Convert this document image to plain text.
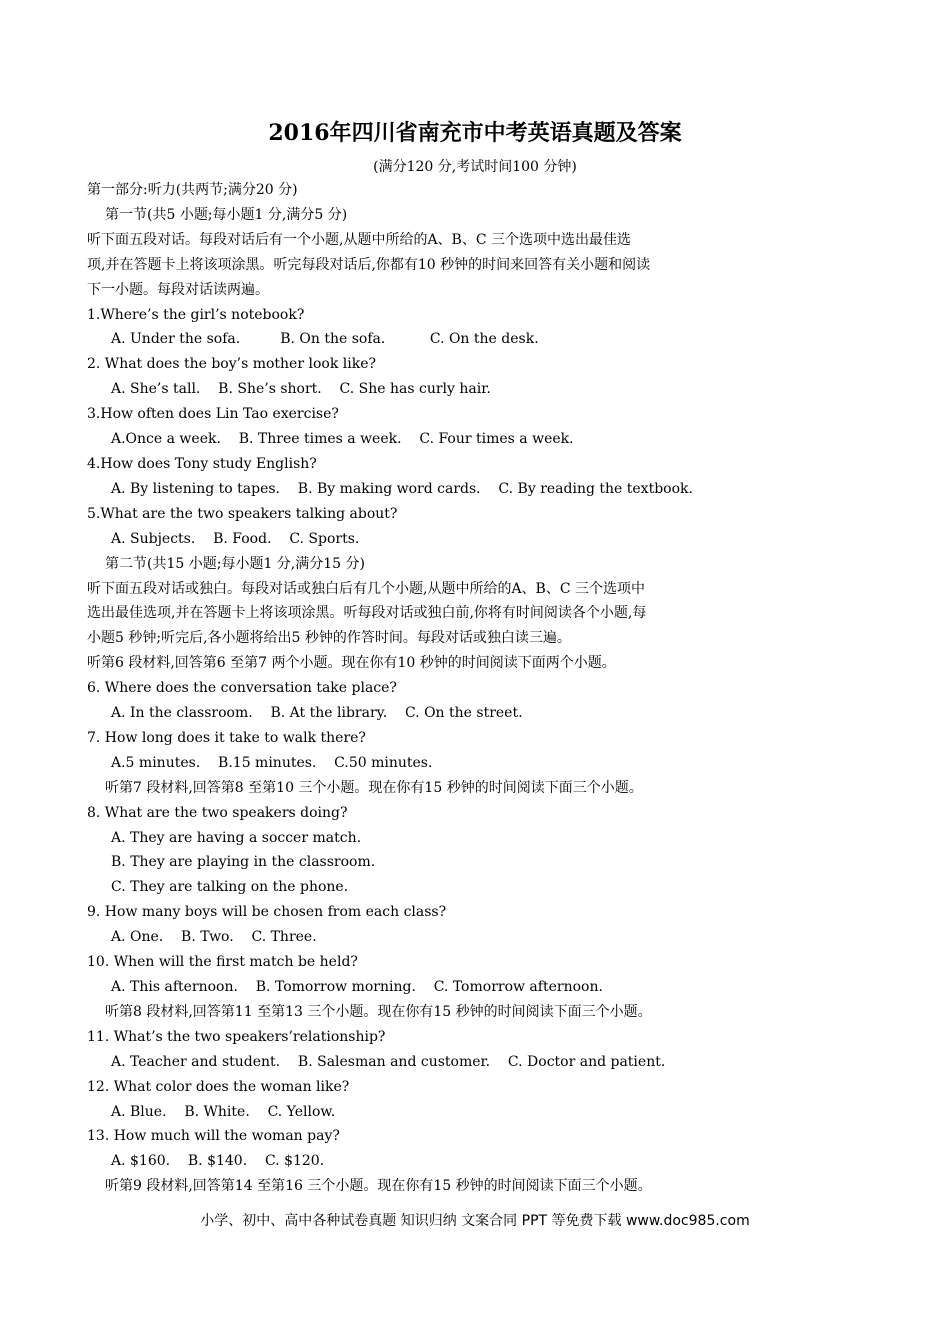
2016年四川省南充市中考英语真题及答案
(满分120 分,考试时间100 分钟)
第一部分:听力(共两节;满分20 分)
第一节(共5 小题;每小题1 分,满分5 分)
听下面五段对话。每段对话后有一个小题,从题中所给的A、B、C 三个选项中选出最佳选
项,并在答题卡上将该项涂黑。听完每段对话后,你都有10 秒钟的时间来回答有关小题和阅读
下一小题。每段对话读两遍。
1.Where’s the girl’s notebook?
A. Under the sofa.         B. On the sofa.          C. On the desk.
2. What does the boy’s mother look like?
A. She’s tall.    B. She’s short.    C. She has curly hair.
3.How often does Lin Tao exercise?
A.Once a week.    B. Three times a week.    C. Four times a week.
4.How does Tony study English?
A. By listening to tapes.    B. By making word cards.    C. By reading the textbook.
5.What are the two speakers talking about?
A. Subjects.    B. Food.    C. Sports.
第二节(共15 小题;每小题1 分,满分15 分)
听下面五段对话或独白。每段对话或独白后有几个小题,从题中所给的A、B、C 三个选项中
选出最佳选项,并在答题卡上将该项涂黑。听每段对话或独白前,你将有时间阅读各个小题,每
小题5 秒钟;听完后,各小题将给出5 秒钟的作答时间。每段对话或独白读三遍。
听第6 段材料,回答第6 至第7 两个小题。现在你有10 秒钟的时间阅读下面两个小题。
6. Where does the conversation take place?
A. In the classroom.    B. At the library.    C. On the street.
7. How long does it take to walk there?
A.5 minutes.    B.15 minutes.    C.50 minutes.
听第7 段材料,回答第8 至第10 三个小题。现在你有15 秒钟的时间阅读下面三个小题。
8. What are the two speakers doing?
A. They are having a soccer match.
B. They are playing in the classroom.
C. They are talking on the phone.
9. How many boys will be chosen from each class?
A. One.    B. Two.    C. Three.
10. When will the first match be held?
A. This afternoon.    B. Tomorrow morning.    C. Tomorrow afternoon.
听第8 段材料,回答第11 至第13 三个小题。现在你有15 秒钟的时间阅读下面三个小题。
11. What’s the two speakers’relationship?
A. Teacher and student.    B. Salesman and customer.    C. Doctor and patient.
12. What color does the woman like?
A. Blue.    B. White.    C. Yellow.
13. How much will the woman pay?
A. $160.    B. $140.    C. $120.
听第9 段材料,回答第14 至第16 三个小题。现在你有15 秒钟的时间阅读下面三个小题。
小学、初中、高中各种试卷真题 知识归纳 文案合同 PPT 等免费下载 www.doc985.com
